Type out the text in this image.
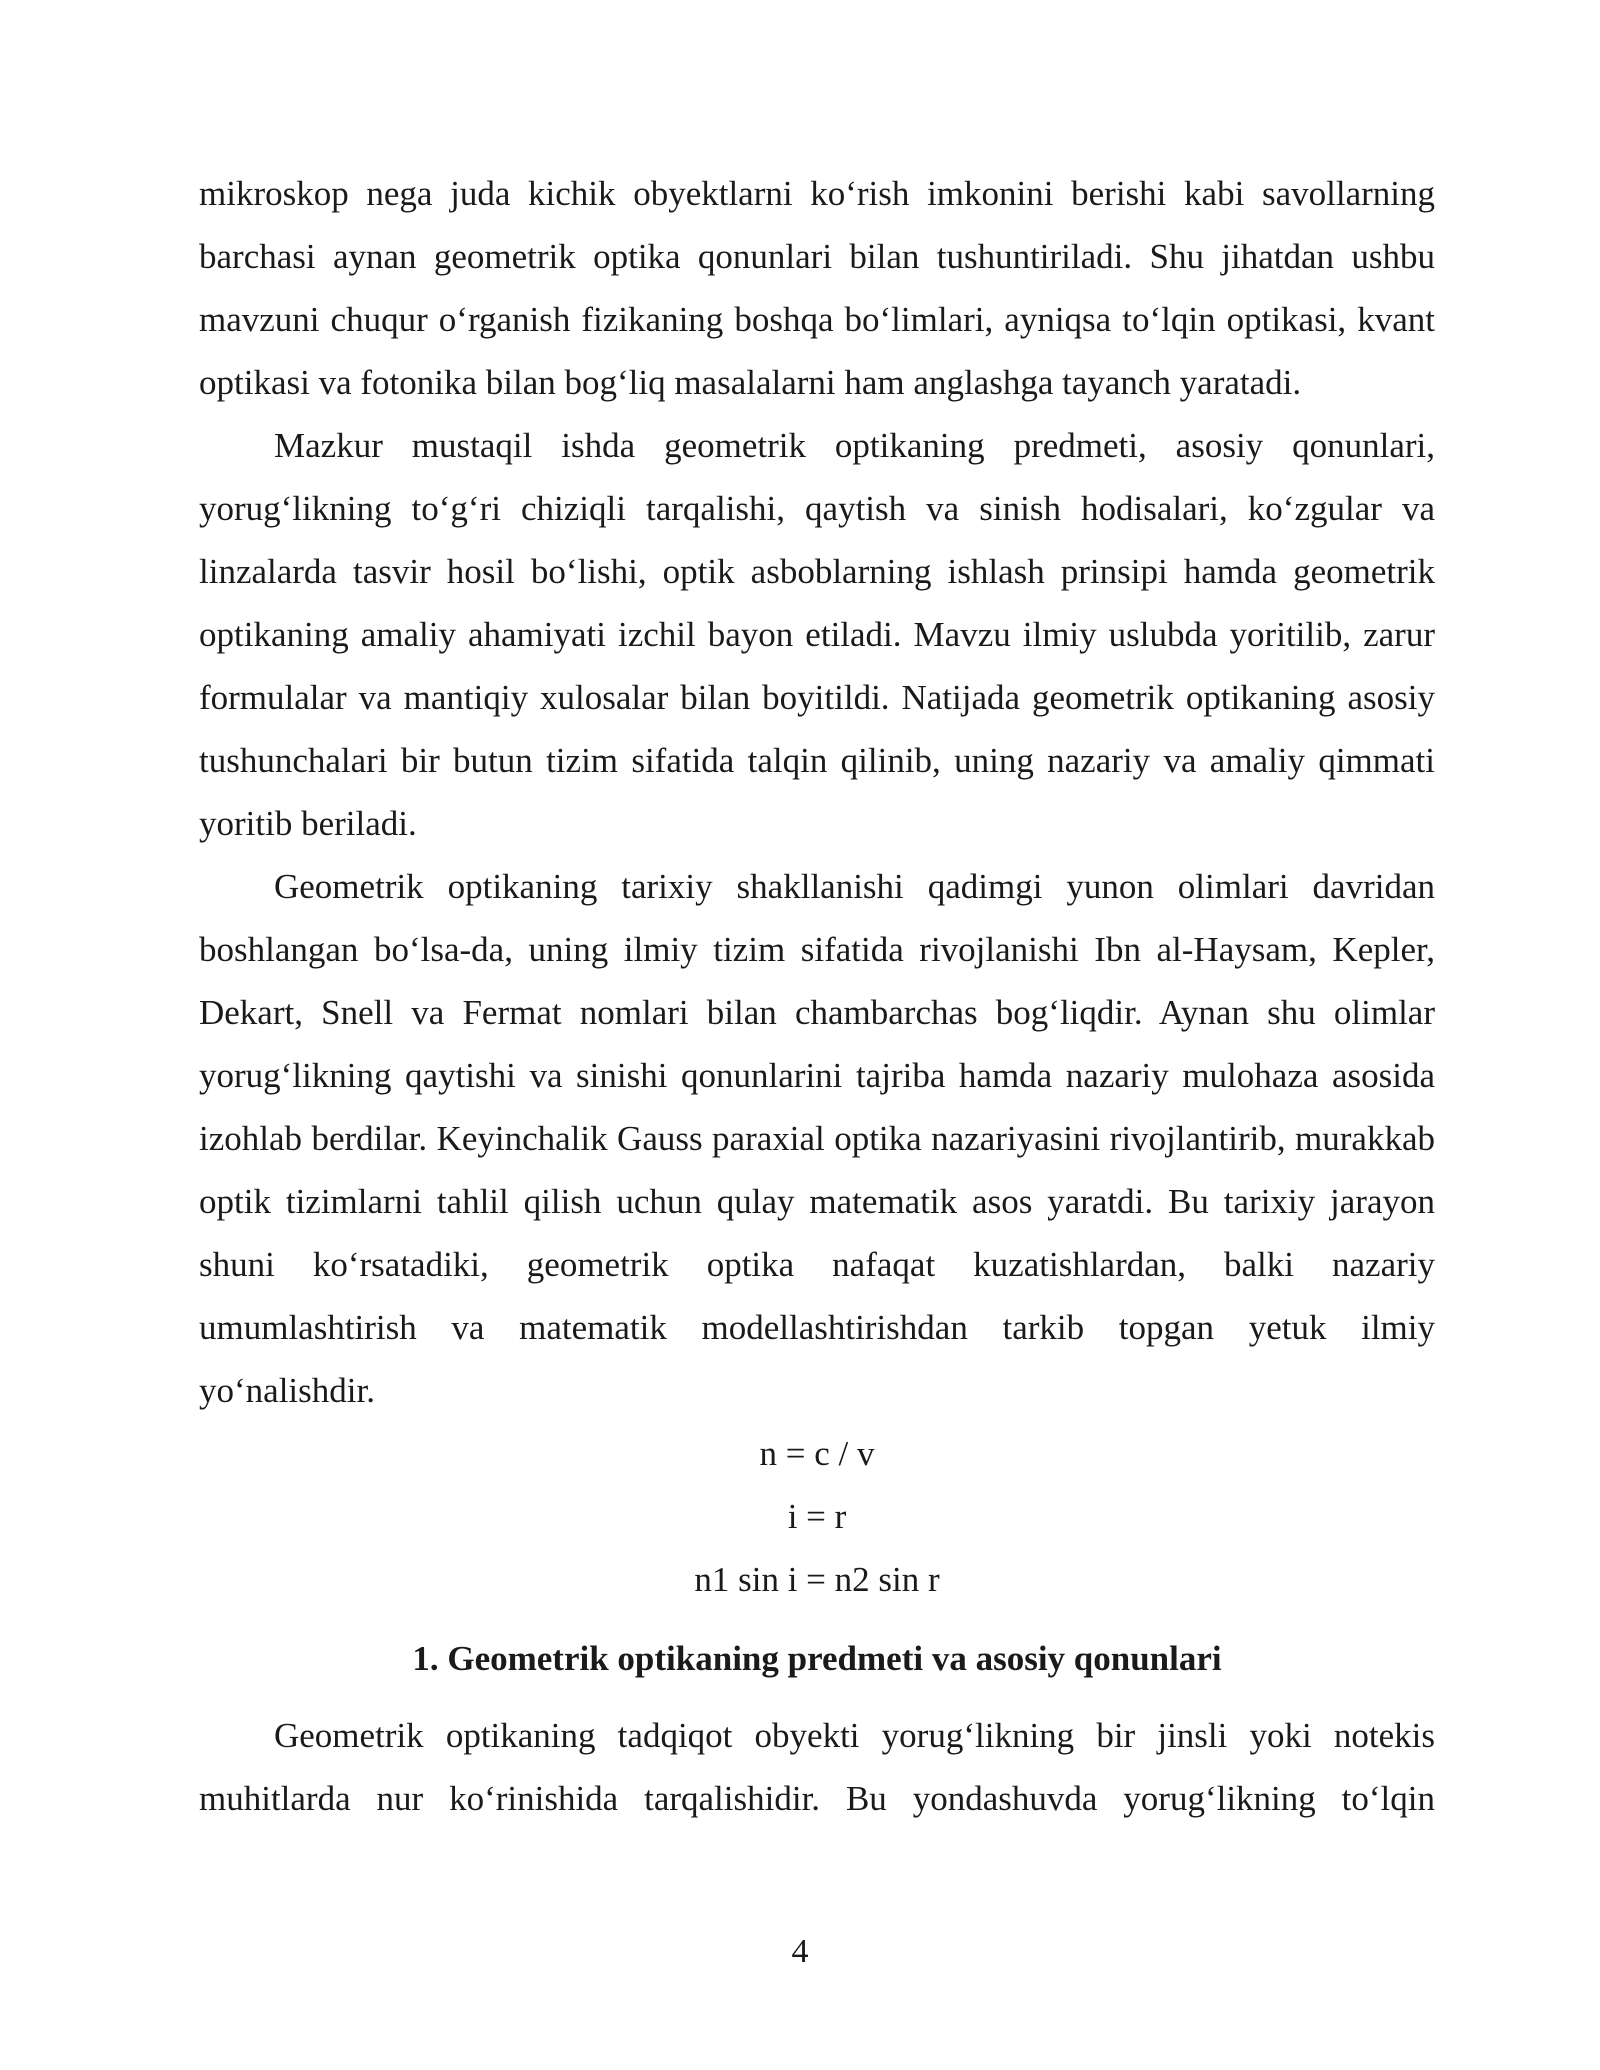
mikroskop nega juda kichik obyektlarni ko‘rish imkonini berishi kabi savollarning barchasi aynan geometrik optika qonunlari bilan tushuntiriladi. Shu jihatdan ushbu mavzuni chuqur o‘rganish fizikaning boshqa bo‘limlari, ayniqsa to‘lqin optikasi, kvant optikasi va fotonika bilan bog‘liq masalalarni ham anglashga tayanch yaratadi.

Mazkur mustaqil ishda geometrik optikaning predmeti, asosiy qonunlari, yorug‘likning to‘g‘ri chiziqli tarqalishi, qaytish va sinish hodisalari, ko‘zgular va linzalarda tasvir hosil bo‘lishi, optik asboblarning ishlash prinsipi hamda geometrik optikaning amaliy ahamiyati izchil bayon etiladi. Mavzu ilmiy uslubda yoritilib, zarur formulalar va mantiqiy xulosalar bilan boyitildi. Natijada geometrik optikaning asosiy tushunchalari bir butun tizim sifatida talqin qilinib, uning nazariy va amaliy qimmati yoritib beriladi.

Geometrik optikaning tarixiy shakllanishi qadimgi yunon olimlari davridan boshlangan bo‘lsa-da, uning ilmiy tizim sifatida rivojlanishi Ibn al-Haysam, Kepler, Dekart, Snell va Fermat nomlari bilan chambarchas bog‘liqdir. Aynan shu olimlar yorug‘likning qaytishi va sinishi qonunlarini tajriba hamda nazariy mulohaza asosida izohlab berdilar. Keyinchalik Gauss paraxial optika nazariyasini rivojlantirib, murakkab optik tizimlarni tahlil qilish uchun qulay matematik asos yaratdi. Bu tarixiy jarayon shuni ko‘rsatadiki, geometrik optika nafaqat kuzatishlardan, balki nazariy umumlashtirish va matematik modellashtirishdan tarkib topgan yetuk ilmiy yo‘nalishdir.

n = c / v
i = r
n1 sin i = n2 sin r
1. Geometrik optikaning predmeti va asosiy qonunlari

Geometrik optikaning tadqiqot obyekti yorug‘likning bir jinsli yoki notekis muhitlarda nur ko‘rinishida tarqalishidir. Bu yondashuvda yorug‘likning to‘lqin

4
